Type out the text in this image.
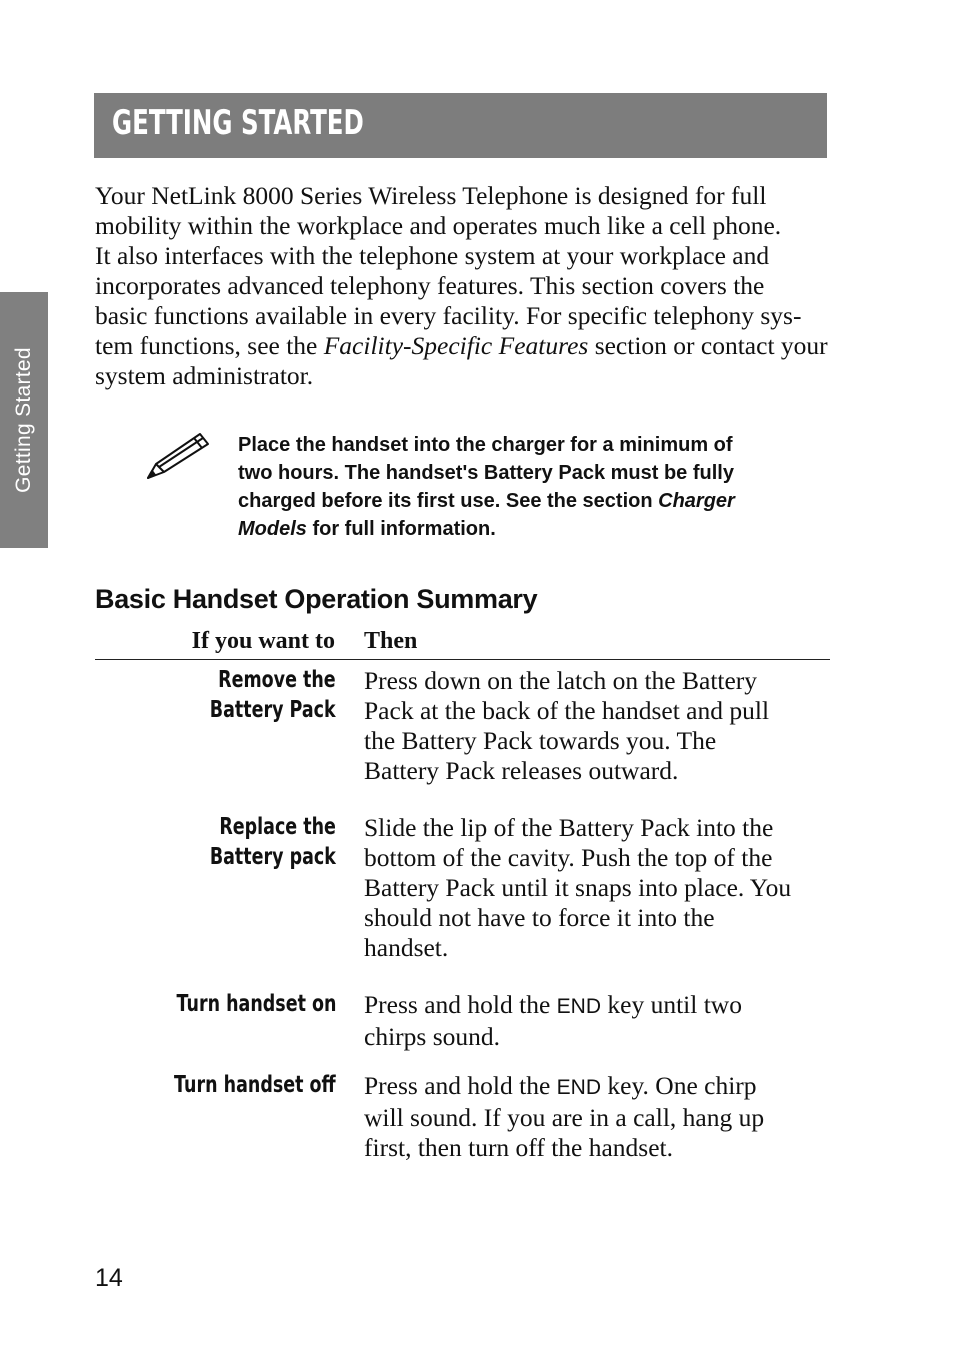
Getting Started
GETTING STARTED

Your NetLink 8000 Series Wireless Telephone is designed for full
mobility within the workplace and operates much like a cell phone.
It also interfaces with the telephone system at your workplace and
incorporates advanced telephony features. This section covers the
basic functions available in every facility. For specific telephony sys-
tem functions, see the Facility-Specific Features section or contact your
system administrator.

Place the handset into the charger for a minimum of
two hours. The handset's Battery Pack must be fully
charged before its first use. See the section Charger
Models for full information.

Basic Handset Operation Summary
If you want to Then
Remove the
Battery Pack
Press down on the latch on the Battery
Pack at the back of the handset and pull
the Battery Pack towards you. The
Battery Pack releases outward.
Replace the
Battery pack
Slide the lip of the Battery Pack into the
bottom of the cavity. Push the top of the
Battery Pack until it snaps into place. You
should not have to force it into the
handset.
Turn handset on Press and hold the END key until two
chirps sound.
Turn handset off Press and hold the END key. One chirp
will sound. If you are in a call, hang up
first, then turn off the handset.
14
